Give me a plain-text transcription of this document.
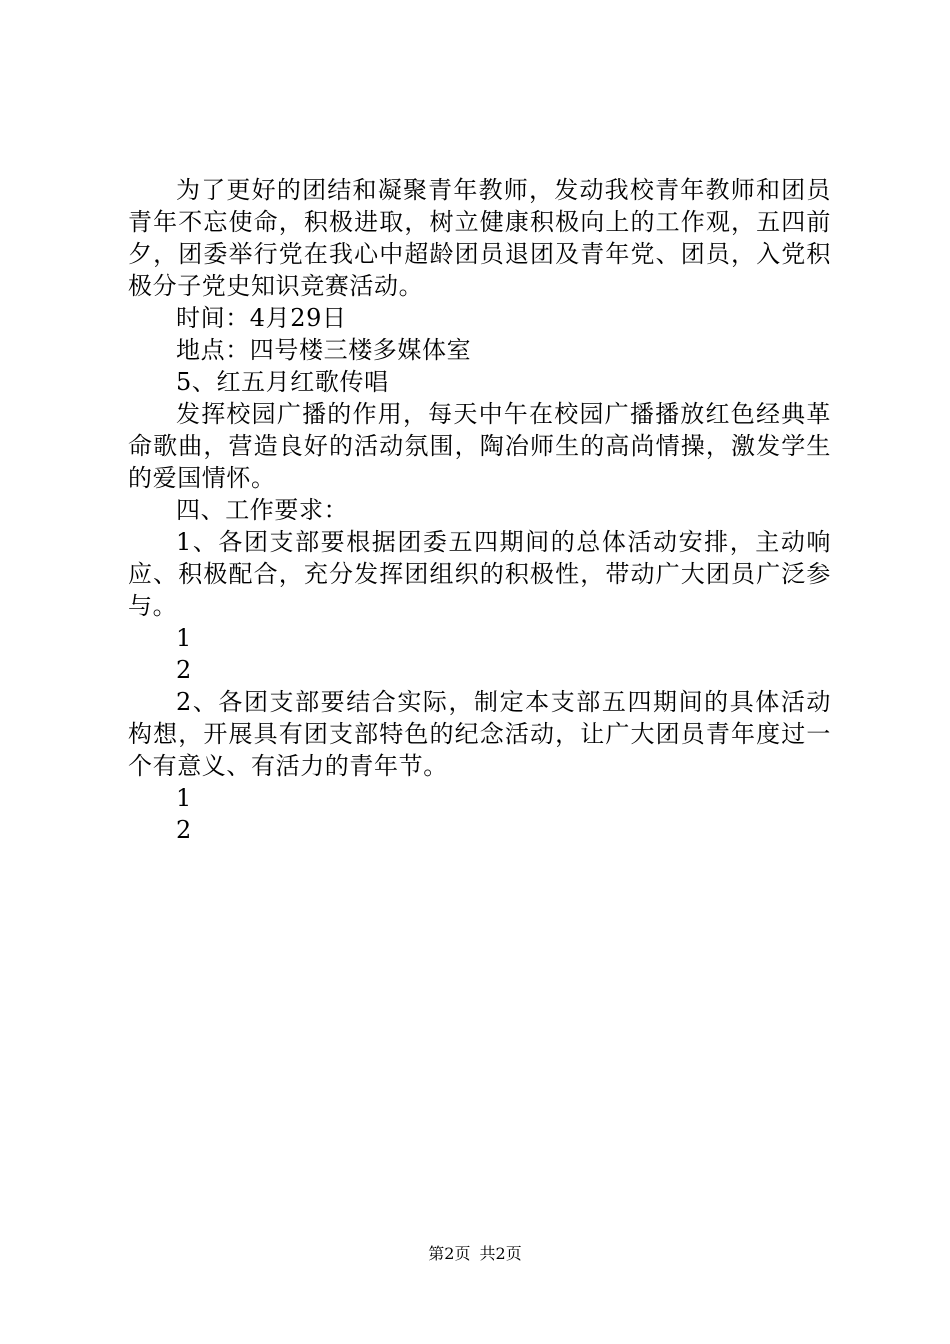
为了更好的团结和凝聚青年教师，发动我校青年教师和团员青年不忘使命，积极进取，树立健康积极向上的工作观，五四前夕，团委举行党在我心中超龄团员退团及青年党、团员，入党积极分子党史知识竞赛活动。

时间：4月29日

地点：四号楼三楼多媒体室

5、红五月红歌传唱

发挥校园广播的作用，每天中午在校园广播播放红色经典革命歌曲，营造良好的活动氛围，陶冶师生的高尚情操，激发学生的爱国情怀。

四、工作要求：

1、各团支部要根据团委五四期间的总体活动安排，主动响应、积极配合，充分发挥团组织的积极性，带动广大团员广泛参与。

1

2

2、各团支部要结合实际，制定本支部五四期间的具体活动构想，开展具有团支部特色的纪念活动，让广大团员青年度过一个有意义、有活力的青年节。

1

2

第2页 共2页
